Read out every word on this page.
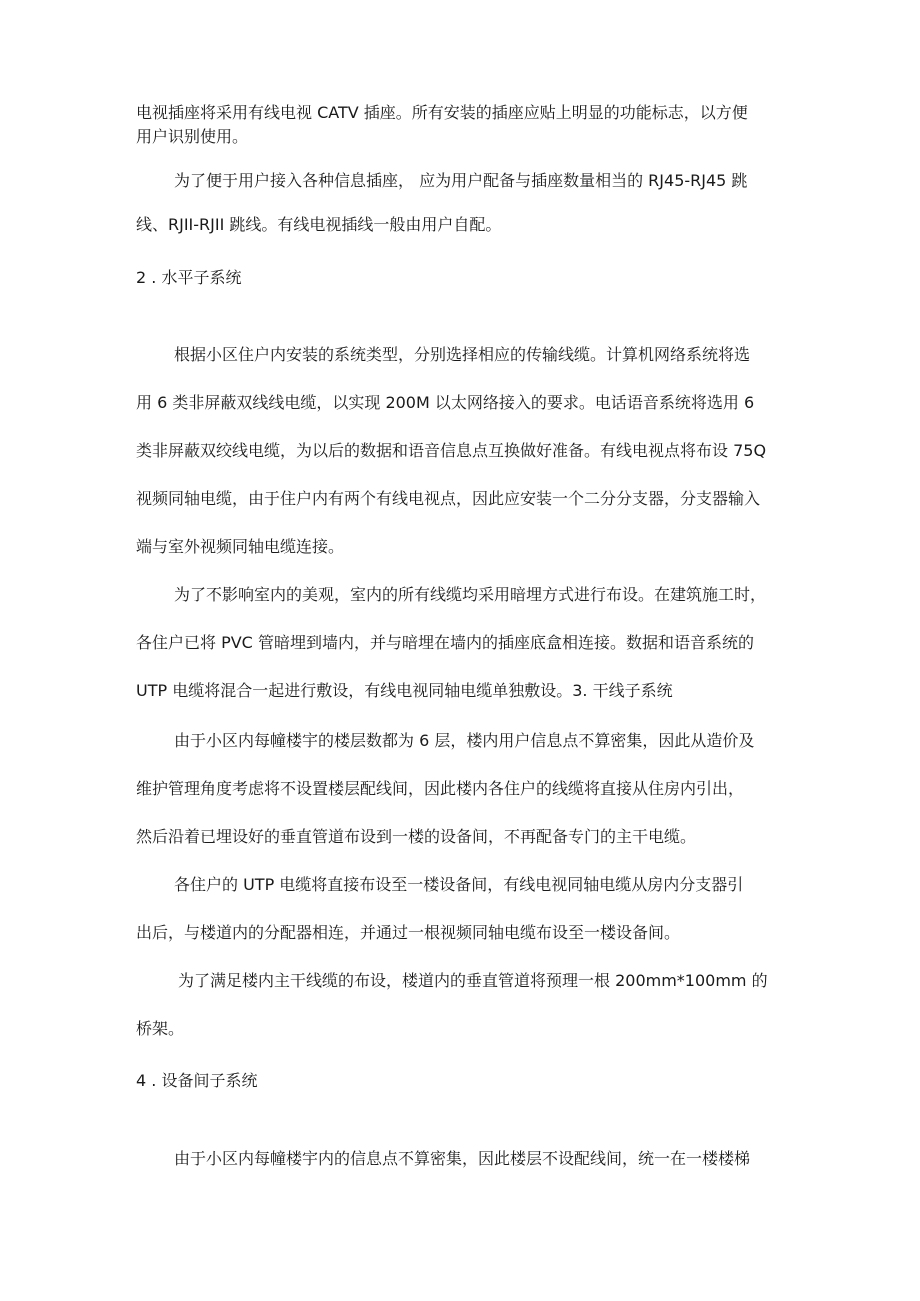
电视插座将采用有线电视 CATV 插座。所有安装的插座应贴上明显的功能标志，以方便
用户识别使用。
为了便于用户接入各种信息插座， 应为用户配备与插座数量相当的 RJ45-RJ45 跳
线、RJII-RJII 跳线。有线电视插线一般由用户自配。
2 . 水平子系统
根据小区住户内安装的系统类型，分别选择相应的传输线缆。计算机网络系统将选
用 6 类非屏蔽双线线电缆，以实现 200M 以太网络接入的要求。电话语音系统将选用 6
类非屏蔽双绞线电缆，为以后的数据和语音信息点互换做好准备。有线电视点将布设 75Q
视频同轴电缆，由于住户内有两个有线电视点，因此应安装一个二分分支器，分支器输入
端与室外视频同轴电缆连接。
为了不影响室内的美观，室内的所有线缆均采用暗埋方式进行布设。在建筑施工时，
各住户已将 PVC 管暗埋到墙内，并与暗埋在墙内的插座底盒相连接。数据和语音系统的
UTP 电缆将混合一起进行敷设，有线电视同轴电缆单独敷设。3. 干线子系统
由于小区内每幢楼宇的楼层数都为 6 层，楼内用户信息点不算密集，因此从造价及
维护管理角度考虑将不设置楼层配线间，因此楼内各住户的线缆将直接从住房内引出，
然后沿着已埋设好的垂直管道布设到一楼的设备间，不再配备专门的主干电缆。
各住户的 UTP 电缆将直接布设至一楼设备间，有线电视同轴电缆从房内分支器引
出后，与楼道内的分配器相连，并通过一根视频同轴电缆布设至一楼设备间。
为了满足楼内主干线缆的布设，楼道内的垂直管道将预理一根 200mm*100mm 的
桥架。
4 . 设备间子系统
由于小区内每幢楼宇内的信息点不算密集，因此楼层不设配线间，统一在一楼楼梯
